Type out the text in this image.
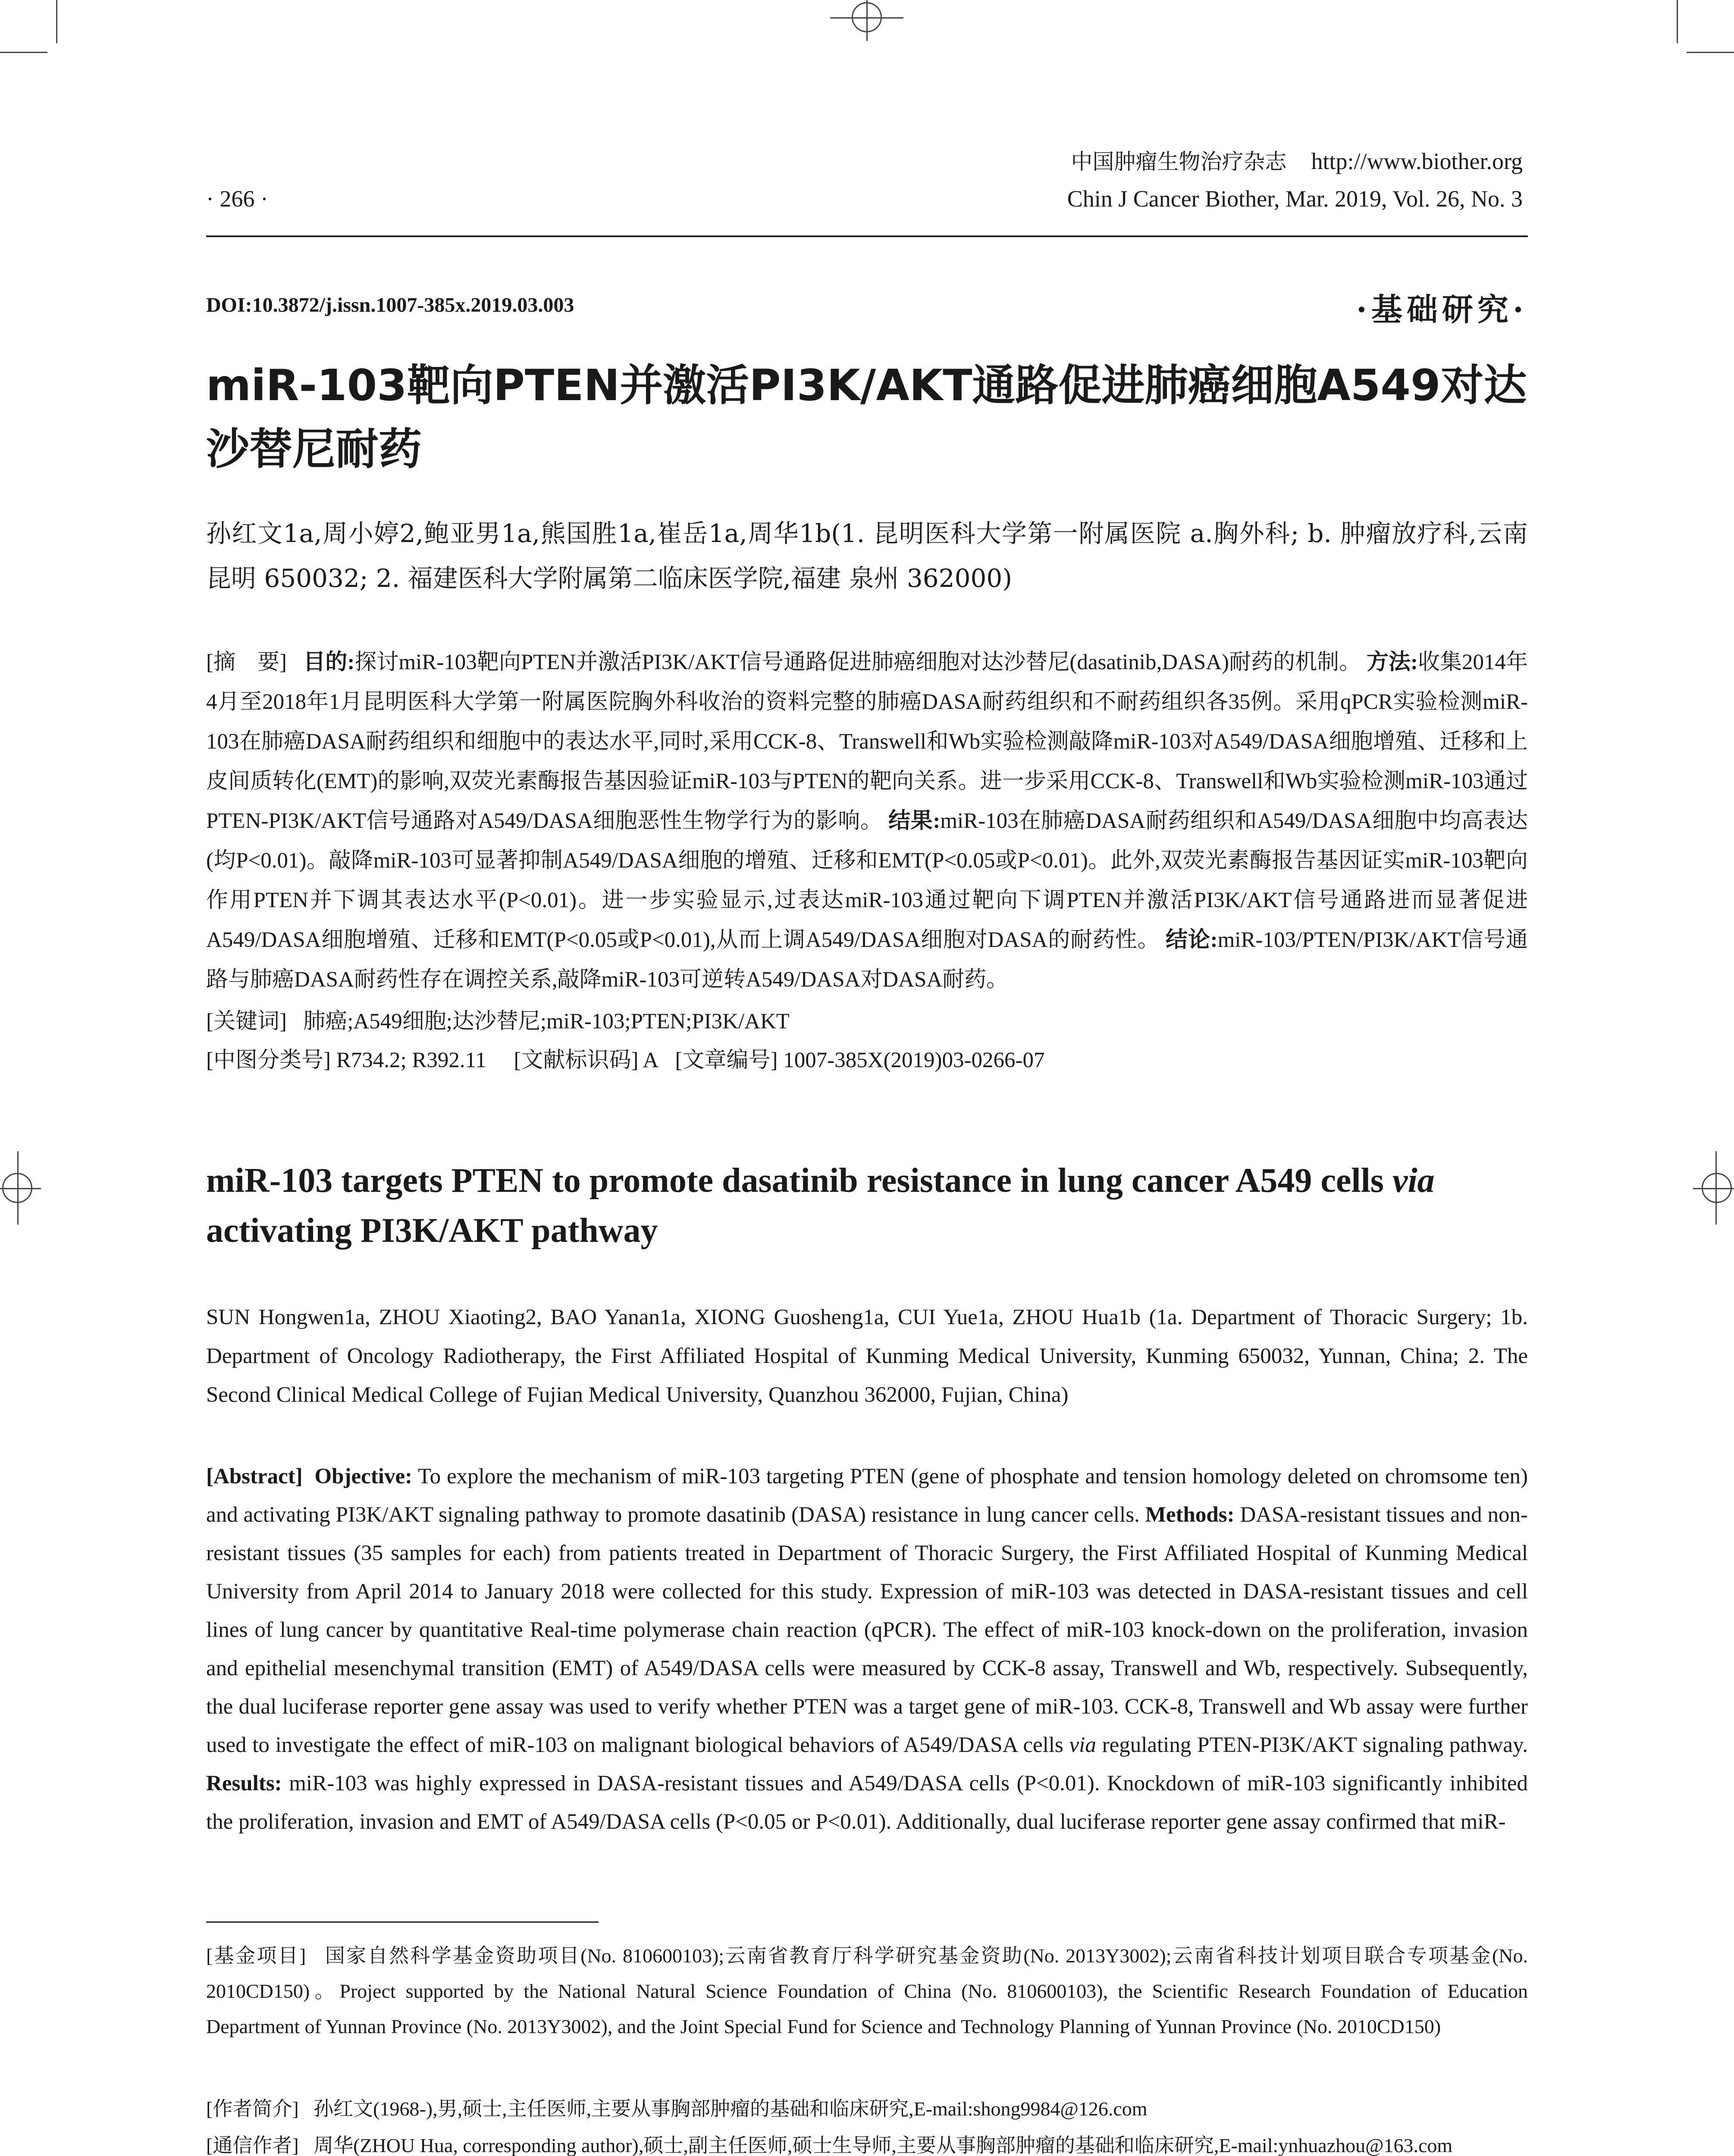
· 266 ·
中国肿瘤生物治疗杂志 http://www.biother.org
Chin J Cancer Biother, Mar. 2019, Vol. 26, No. 3
DOI:10.3872/j.issn.1007-385x.2019.03.003	·基础研究·
miR-103靶向PTEN并激活PI3K/AKT通路促进肺癌细胞A549对达沙替尼耐药
孙红文1a,周小婷2,鲍亚男1a,熊国胜1a,崔岳1a,周华1b(1. 昆明医科大学第一附属医院 a.胸外科; b. 肿瘤放疗科,云南 昆明 650032; 2. 福建医科大学附属第二临床医学院,福建 泉州 362000)
[摘　要] 目的:探讨miR-103靶向PTEN并激活PI3K/AKT信号通路促进肺癌细胞对达沙替尼(dasatinib,DASA)耐药的机制。 方法:收集2014年4月至2018年1月昆明医科大学第一附属医院胸外科收治的资料完整的肺癌DASA耐药组织和不耐药组织各35例。采用qPCR实验检测miR-103在肺癌DASA耐药组织和细胞中的表达水平,同时,采用CCK-8、Transwell和Wb实验检测敲降miR-103对A549/DASA细胞增殖、迁移和上皮间质转化(EMT)的影响,双荧光素酶报告基因验证miR-103与PTEN的靶向关系。进一步采用CCK-8、Transwell和Wb实验检测miR-103通过PTEN-PI3K/AKT信号通路对A549/DASA细胞恶性生物学行为的影响。 结果:miR-103在肺癌DASA耐药组织和A549/DASA细胞中均高表达(均P<0.01)。敲降miR-103可显著抑制A549/DASA细胞的增殖、迁移和EMT(P<0.05或P<0.01)。此外,双荧光素酶报告基因证实miR-103靶向作用PTEN并下调其表达水平(P<0.01)。进一步实验显示,过表达miR-103通过靶向下调PTEN并激活PI3K/AKT信号通路进而显著促进A549/DASA细胞增殖、迁移和EMT(P<0.05或P<0.01),从而上调A549/DASA细胞对DASA的耐药性。 结论:miR-103/PTEN/PI3K/AKT信号通路与肺癌DASA耐药性存在调控关系,敲降miR-103可逆转A549/DASA对DASA耐药。
[关键词] 肺癌;A549细胞;达沙替尼;miR-103;PTEN;PI3K/AKT
[中图分类号] R734.2; R392.11 [文献标识码] A [文章编号] 1007-385X(2019)03-0266-07
miR-103 targets PTEN to promote dasatinib resistance in lung cancer A549 cells via activating PI3K/AKT pathway
SUN Hongwen1a, ZHOU Xiaoting2, BAO Yanan1a, XIONG Guosheng1a, CUI Yue1a, ZHOU Hua1b (1a. Department of Thoracic Surgery; 1b. Department of Oncology Radiotherapy, the First Affiliated Hospital of Kunming Medical University, Kunming 650032, Yunnan, China; 2. The Second Clinical Medical College of Fujian Medical University, Quanzhou 362000, Fujian, China)
[Abstract] Objective: To explore the mechanism of miR-103 targeting PTEN (gene of phosphate and tension homology deleted on chromsome ten) and activating PI3K/AKT signaling pathway to promote dasatinib (DASA) resistance in lung cancer cells. Methods: DASA-resistant tissues and non-resistant tissues (35 samples for each) from patients treated in Department of Thoracic Surgery, the First Affiliated Hospital of Kunming Medical University from April 2014 to January 2018 were collected for this study. Expression of miR-103 was detected in DASA-resistant tissues and cell lines of lung cancer by quantitative Real-time polymerase chain reaction (qPCR). The effect of miR-103 knock-down on the proliferation, invasion and epithelial mesenchymal transition (EMT) of A549/DASA cells were measured by CCK-8 assay, Transwell and Wb, respectively. Subsequently, the dual luciferase reporter gene assay was used to verify whether PTEN was a target gene of miR-103. CCK-8, Transwell and Wb assay were further used to investigate the effect of miR-103 on malignant biological behaviors of A549/DASA cells via regulating PTEN-PI3K/AKT signaling pathway. Results: miR-103 was highly expressed in DASA-resistant tissues and A549/DASA cells (P<0.01). Knockdown of miR-103 significantly inhibited the proliferation, invasion and EMT of A549/DASA cells (P<0.05 or P<0.01). Additionally, dual luciferase reporter gene assay confirmed that miR-
[基金项目] 国家自然科学基金资助项目(No. 810600103);云南省教育厅科学研究基金资助(No. 2013Y3002);云南省科技计划项目联合专项基金(No. 2010CD150)。Project supported by the National Natural Science Foundation of China (No. 810600103), the Scientific Research Foundation of Education Department of Yunnan Province (No. 2013Y3002), and the Joint Special Fund for Science and Technology Planning of Yunnan Province (No. 2010CD150)
[作者简介] 孙红文(1968-),男,硕士,主任医师,主要从事胸部肿瘤的基础和临床研究,E-mail:shong9984@126.com
[通信作者] 周华(ZHOU Hua, corresponding author),硕士,副主任医师,硕士生导师,主要从事胸部肿瘤的基础和临床研究,E-mail:ynhuazhou@163.com
